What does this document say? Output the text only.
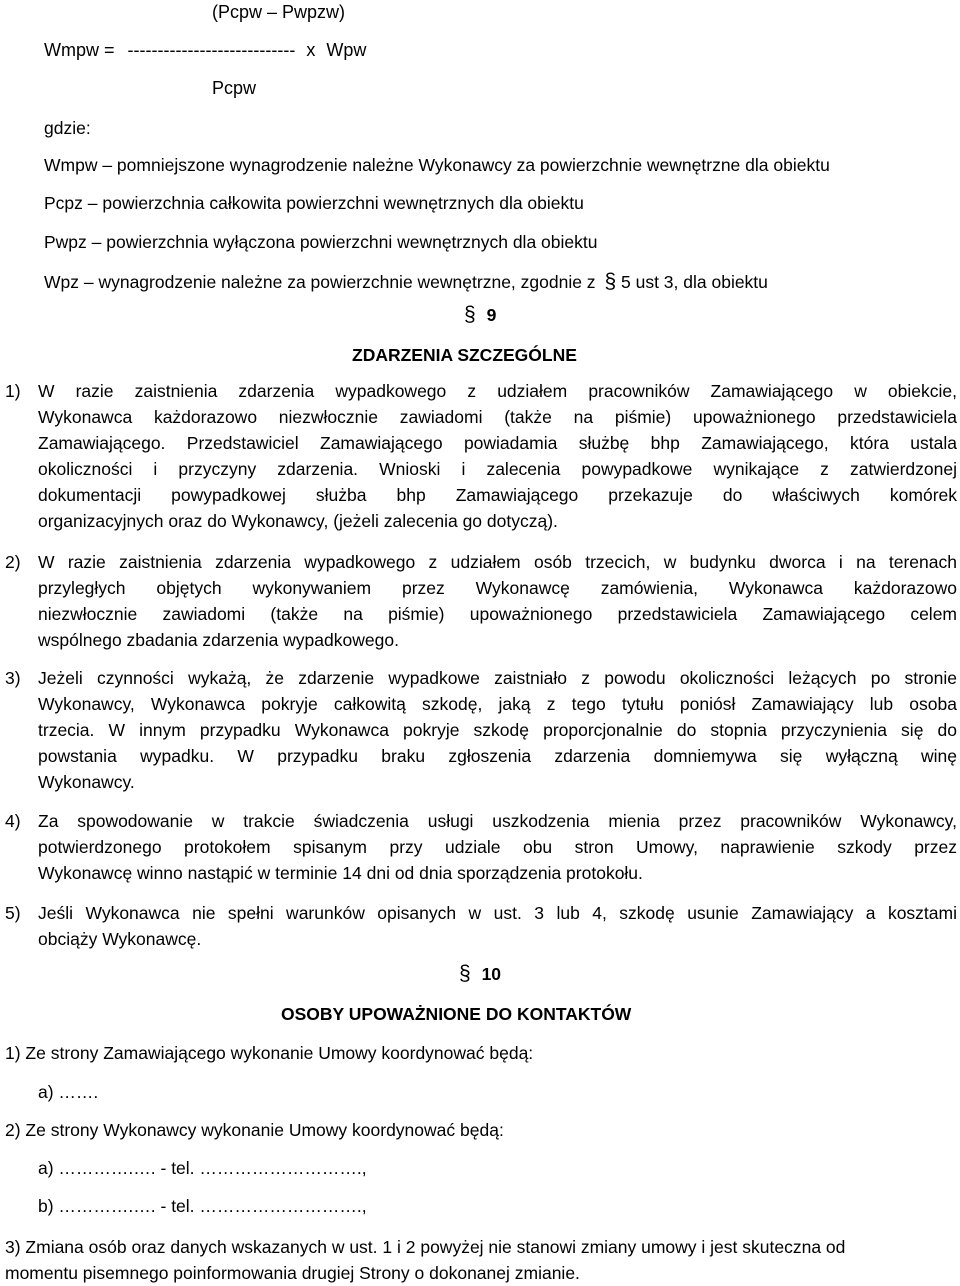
(Pcpw – Pwpzw)
Wmpw = ---------------------------- x Wpw
Pcpw
gdzie:
Wmpw – pomniejszone wynagrodzenie należne Wykonawcy za powierzchnie wewnętrzne dla obiektu
Pcpz – powierzchnia całkowita powierzchni wewnętrznych dla obiektu
Pwpz – powierzchnia wyłączona powierzchni wewnętrznych dla obiektu
Wpz – wynagrodzenie należne za powierzchnie wewnętrzne, zgodnie z § 5 ust 3, dla obiektu
§ 9
ZDARZENIA SZCZEGÓLNE
1) W razie zaistnienia zdarzenia wypadkowego z udziałem pracowników Zamawiającego w obiekcie,
Wykonawca każdorazowo niezwłocznie zawiadomi (także na piśmie) upoważnionego przedstawiciela
Zamawiającego. Przedstawiciel Zamawiającego powiadamia służbę bhp Zamawiającego, która ustala
okoliczności i przyczyny zdarzenia. Wnioski i zalecenia powypadkowe wynikające z zatwierdzonej
dokumentacji powypadkowej służba bhp Zamawiającego przekazuje do właściwych komórek
organizacyjnych oraz do Wykonawcy, (jeżeli zalecenia go dotyczą).
2) W razie zaistnienia zdarzenia wypadkowego z udziałem osób trzecich, w budynku dworca i na terenach
przyległych objętych wykonywaniem przez Wykonawcę zamówienia, Wykonawca każdorazowo
niezwłocznie zawiadomi (także na piśmie) upoważnionego przedstawiciela Zamawiającego celem
wspólnego zbadania zdarzenia wypadkowego.
3) Jeżeli czynności wykażą, że zdarzenie wypadkowe zaistniało z powodu okoliczności leżących po stronie
Wykonawcy, Wykonawca pokryje całkowitą szkodę, jaką z tego tytułu poniósł Zamawiający lub osoba
trzecia. W innym przypadku Wykonawca pokryje szkodę proporcjonalnie do stopnia przyczynienia się do
powstania wypadku. W przypadku braku zgłoszenia zdarzenia domniemywa się wyłączną winę
Wykonawcy.
4) Za spowodowanie w trakcie świadczenia usługi uszkodzenia mienia przez pracowników Wykonawcy,
potwierdzonego protokołem spisanym przy udziale obu stron Umowy, naprawienie szkody przez
Wykonawcę winno nastąpić w terminie 14 dni od dnia sporządzenia protokołu.
5) Jeśli Wykonawca nie spełni warunków opisanych w ust. 3 lub 4, szkodę usunie Zamawiający a kosztami
obciąży Wykonawcę.
§ 10
OSOBY UPOWAŻNIONE DO KONTAKTÓW
1) Ze strony Zamawiającego wykonanie Umowy koordynować będą:
a) …….
2) Ze strony Wykonawcy wykonanie Umowy koordynować będą:
a) ………….…. - tel. ……………………….,
b) ………….…. - tel. ……………………….,
3) Zmiana osób oraz danych wskazanych w ust. 1 i 2 powyżej nie stanowi zmiany umowy i jest skuteczna od
momentu pisemnego poinformowania drugiej Strony o dokonanej zmianie.
